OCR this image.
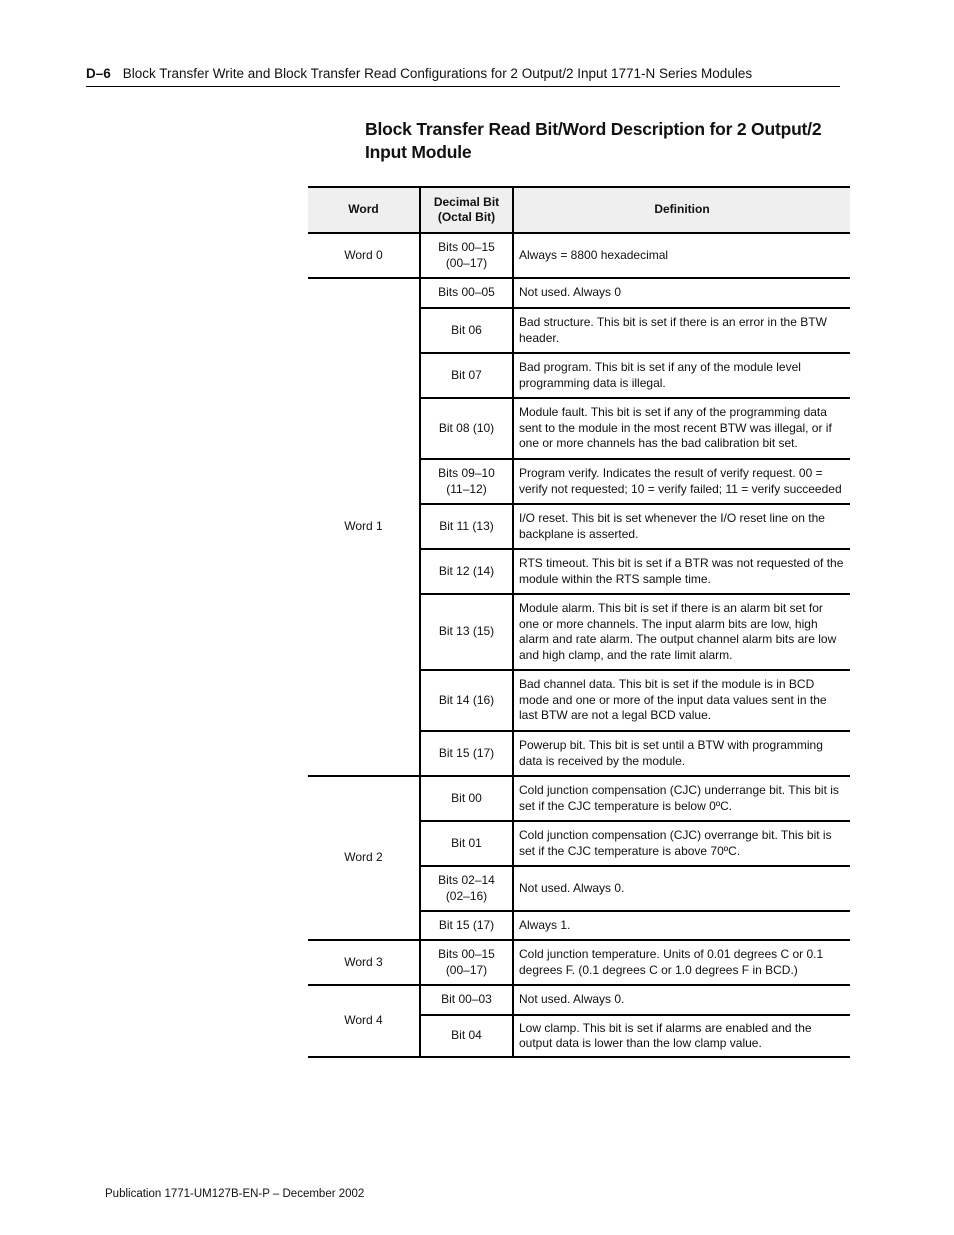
D–6 Block Transfer Write and Block Transfer Read Configurations for 2 Output/2 Input 1771-N Series Modules
Block Transfer Read Bit/Word Description for 2 Output/2 Input Module
Word	Decimal Bit (Octal Bit)	Definition
Word 0	Bits 00–15 (00–17)	Always = 8800 hexadecimal
Word 1	Bits 00–05	Not used. Always 0
	Bit 06	Bad structure. This bit is set if there is an error in the BTW header.
	Bit 07	Bad program. This bit is set if any of the module level programming data is illegal.
	Bit 08 (10)	Module fault. This bit is set if any of the programming data sent to the module in the most recent BTW was illegal, or if one or more channels has the bad calibration bit set.
	Bits 09–10 (11–12)	Program verify. Indicates the result of verify request. 00 = verify not requested; 10 = verify failed; 11 = verify succeeded
	Bit 11 (13)	I/O reset. This bit is set whenever the I/O reset line on the backplane is asserted.
	Bit 12 (14)	RTS timeout. This bit is set if a BTR was not requested of the module within the RTS sample time.
	Bit 13 (15)	Module alarm. This bit is set if there is an alarm bit set for one or more channels. The input alarm bits are low, high alarm and rate alarm. The output channel alarm bits are low and high clamp, and the rate limit alarm.
	Bit 14 (16)	Bad channel data. This bit is set if the module is in BCD mode and one or more of the input data values sent in the last BTW are not a legal BCD value.
	Bit 15 (17)	Powerup bit. This bit is set until a BTW with programming data is received by the module.
Word 2	Bit 00	Cold junction compensation (CJC) underrange bit. This bit is set if the CJC temperature is below 0ºC.
	Bit 01	Cold junction compensation (CJC) overrange bit. This bit is set if the CJC temperature is above 70ºC.
	Bits 02–14 (02–16)	Not used. Always 0.
	Bit 15 (17)	Always 1.
Word 3	Bits 00–15 (00–17)	Cold junction temperature. Units of 0.01 degrees C or 0.1 degrees F. (0.1 degrees C or 1.0 degrees F in BCD.)
Word 4	Bit 00–03	Not used. Always 0.
	Bit 04	Low clamp. This bit is set if alarms are enabled and the output data is lower than the low clamp value.
Publication 1771-UM127B-EN-P – December 2002
